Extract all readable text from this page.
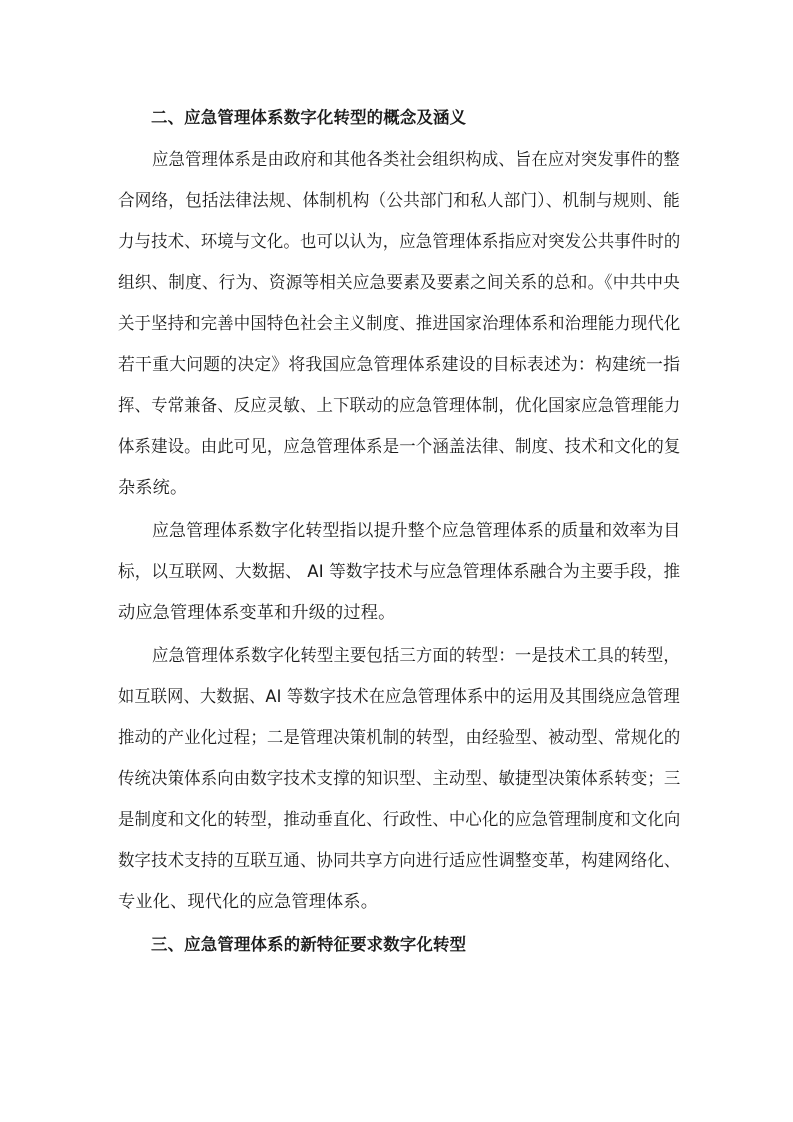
二、应急管理体系数字化转型的概念及涵义
应急管理体系是由政府和其他各类社会组织构成、旨在应对突发事件的整
合网络，包括法律法规、体制机构（公共部门和私人部门）、机制与规则、能
力与技术、环境与文化。也可以认为，应急管理体系指应对突发公共事件时的
组织、制度、行为、资源等相关应急要素及要素之间关系的总和。《中共中央
关于坚持和完善中国特色社会主义制度、推进国家治理体系和治理能力现代化
若干重大问题的决定》将我国应急管理体系建设的目标表述为：构建统一指
挥、专常兼备、反应灵敏、上下联动的应急管理体制，优化国家应急管理能力
体系建设。由此可见，应急管理体系是一个涵盖法律、制度、技术和文化的复
杂系统。
应急管理体系数字化转型指以提升整个应急管理体系的质量和效率为目
标，以互联网、大数据、 AI 等数字技术与应急管理体系融合为主要手段，推
动应急管理体系变革和升级的过程。
应急管理体系数字化转型主要包括三方面的转型：一是技术工具的转型，
如互联网、大数据、AI 等数字技术在应急管理体系中的运用及其围绕应急管理
推动的产业化过程；二是管理决策机制的转型，由经验型、被动型、常规化的
传统决策体系向由数字技术支撑的知识型、主动型、敏捷型决策体系转变；三
是制度和文化的转型，推动垂直化、行政性、中心化的应急管理制度和文化向
数字技术支持的互联互通、协同共享方向进行适应性调整变革，构建网络化、
专业化、现代化的应急管理体系。
三、应急管理体系的新特征要求数字化转型
